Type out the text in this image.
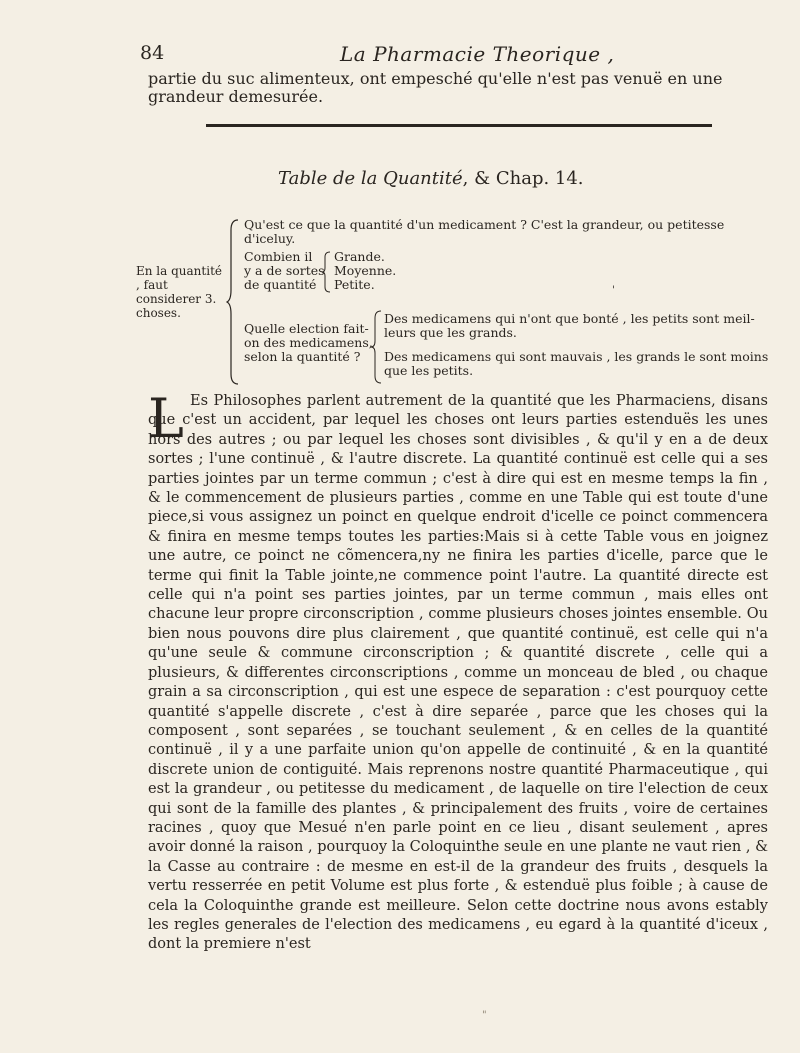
84	La Pharmacie Theorique ,
partie du suc alimenteux, ont empesché qu'elle n'est pas venuë en une grandeur demesurée.
Table de la Quantité, & Chap. 14.
En la quantité , faut considerer 3. choses.
Qu'est ce que la quantité d'un medicament ? C'est la grandeur, ou petitesse
d'iceluy.
Combien il
y a de sortes
de quantité
Grande.
Moyenne.
Petite.
Quelle election fait-
on des medicamens,
selon la quantité ?
Des medicamens qui n'ont que bonté , les petits sont meil-
leurs que les grands.
Des medicamens qui sont mauvais , les grands le sont moins
que les petits.
'
L Es Philosophes parlent autrement de la quantité que les Pharmaciens, disans que c'est un accident, par lequel les choses ont leurs parties estenduës les unes hors des autres ; ou par lequel les choses sont divisibles , & qu'il y en a de deux sortes ; l'une continuë , & l'autre discrete. La quantité continuë est celle qui a ses parties jointes par un terme commun ; c'est à dire qui est en mesme temps la fin , & le commencement de plusieurs parties , comme en une Table qui est toute d'une piece,si vous assignez un poinct en quelque endroit d'icelle ce poinct commencera & finira en mesme temps toutes les parties:Mais si à cette Table vous en joignez une autre, ce poinct ne cõmencera,ny ne finira les parties d'icelle, parce que le terme qui finit la Table jointe,ne commence point l'autre. La quantité directe est celle qui n'a point ses parties jointes, par un terme commun , mais elles ont chacune leur propre circonscription , comme plusieurs choses jointes ensemble. Ou bien nous pouvons dire plus clairement , que quantité continuë, est celle qui n'a qu'une seule & commune circonscription ; & quantité discrete , celle qui a plusieurs, & differentes circonscriptions , comme un monceau de bled , ou chaque grain a sa circonscription , qui est une espece de separation : c'est pourquoy cette quantité s'appelle discrete , c'est à dire separée , parce que les choses qui la composent , sont separées , se touchant seulement , & en celles de la quantité continuë , il y a une parfaite union qu'on appelle de continuité , & en la quantité discrete union de contiguité. Mais reprenons nostre quantité Pharmaceutique , qui est la grandeur , ou petitesse du medicament , de laquelle on tire l'election de ceux qui sont de la famille des plantes , & principalement des fruits , voire de certaines racines , quoy que Mesué n'en parle point en ce lieu , disant seulement , apres avoir donné la raison , pourquoy la Coloquinthe seule en une plante ne vaut rien , & la Casse au contraire : de mesme en est-il de la grandeur des fruits , desquels la vertu resserrée en petit Volume est plus forte , & estenduë plus foible ; à cause de cela la Coloquinthe grande est meilleure. Selon cette doctrine nous avons estably les regles generales de l'election des medicamens , eu egard à la quantité d'iceux , dont la premiere n'est

"
